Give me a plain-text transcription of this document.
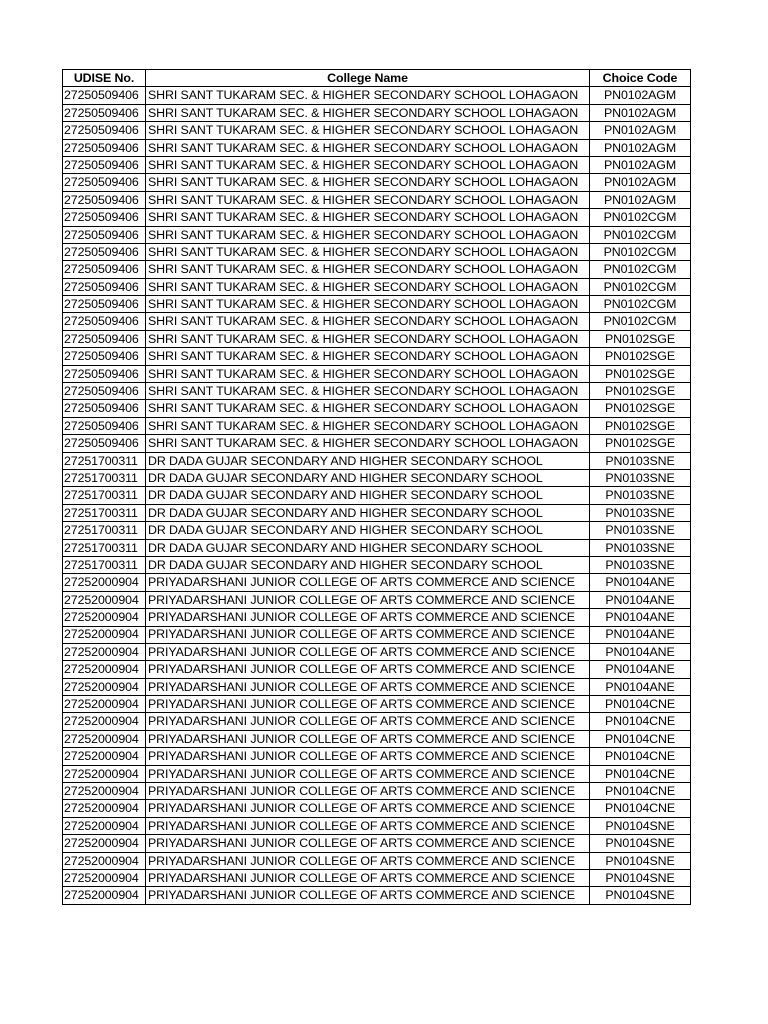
UDISE No.	College Name	Choice Code
27250509406	SHRI SANT TUKARAM SEC. & HIGHER SECONDARY SCHOOL LOHAGAON	PN0102AGM
27250509406	SHRI SANT TUKARAM SEC. & HIGHER SECONDARY SCHOOL LOHAGAON	PN0102AGM
27250509406	SHRI SANT TUKARAM SEC. & HIGHER SECONDARY SCHOOL LOHAGAON	PN0102AGM
27250509406	SHRI SANT TUKARAM SEC. & HIGHER SECONDARY SCHOOL LOHAGAON	PN0102AGM
27250509406	SHRI SANT TUKARAM SEC. & HIGHER SECONDARY SCHOOL LOHAGAON	PN0102AGM
27250509406	SHRI SANT TUKARAM SEC. & HIGHER SECONDARY SCHOOL LOHAGAON	PN0102AGM
27250509406	SHRI SANT TUKARAM SEC. & HIGHER SECONDARY SCHOOL LOHAGAON	PN0102AGM
27250509406	SHRI SANT TUKARAM SEC. & HIGHER SECONDARY SCHOOL LOHAGAON	PN0102CGM
27250509406	SHRI SANT TUKARAM SEC. & HIGHER SECONDARY SCHOOL LOHAGAON	PN0102CGM
27250509406	SHRI SANT TUKARAM SEC. & HIGHER SECONDARY SCHOOL LOHAGAON	PN0102CGM
27250509406	SHRI SANT TUKARAM SEC. & HIGHER SECONDARY SCHOOL LOHAGAON	PN0102CGM
27250509406	SHRI SANT TUKARAM SEC. & HIGHER SECONDARY SCHOOL LOHAGAON	PN0102CGM
27250509406	SHRI SANT TUKARAM SEC. & HIGHER SECONDARY SCHOOL LOHAGAON	PN0102CGM
27250509406	SHRI SANT TUKARAM SEC. & HIGHER SECONDARY SCHOOL LOHAGAON	PN0102CGM
27250509406	SHRI SANT TUKARAM SEC. & HIGHER SECONDARY SCHOOL LOHAGAON	PN0102SGE
27250509406	SHRI SANT TUKARAM SEC. & HIGHER SECONDARY SCHOOL LOHAGAON	PN0102SGE
27250509406	SHRI SANT TUKARAM SEC. & HIGHER SECONDARY SCHOOL LOHAGAON	PN0102SGE
27250509406	SHRI SANT TUKARAM SEC. & HIGHER SECONDARY SCHOOL LOHAGAON	PN0102SGE
27250509406	SHRI SANT TUKARAM SEC. & HIGHER SECONDARY SCHOOL LOHAGAON	PN0102SGE
27250509406	SHRI SANT TUKARAM SEC. & HIGHER SECONDARY SCHOOL LOHAGAON	PN0102SGE
27250509406	SHRI SANT TUKARAM SEC. & HIGHER SECONDARY SCHOOL LOHAGAON	PN0102SGE
27251700311	DR DADA GUJAR SECONDARY AND HIGHER SECONDARY SCHOOL	PN0103SNE
27251700311	DR DADA GUJAR SECONDARY AND HIGHER SECONDARY SCHOOL	PN0103SNE
27251700311	DR DADA GUJAR SECONDARY AND HIGHER SECONDARY SCHOOL	PN0103SNE
27251700311	DR DADA GUJAR SECONDARY AND HIGHER SECONDARY SCHOOL	PN0103SNE
27251700311	DR DADA GUJAR SECONDARY AND HIGHER SECONDARY SCHOOL	PN0103SNE
27251700311	DR DADA GUJAR SECONDARY AND HIGHER SECONDARY SCHOOL	PN0103SNE
27251700311	DR DADA GUJAR SECONDARY AND HIGHER SECONDARY SCHOOL	PN0103SNE
27252000904	PRIYADARSHANI JUNIOR COLLEGE OF ARTS COMMERCE AND SCIENCE	PN0104ANE
27252000904	PRIYADARSHANI JUNIOR COLLEGE OF ARTS COMMERCE AND SCIENCE	PN0104ANE
27252000904	PRIYADARSHANI JUNIOR COLLEGE OF ARTS COMMERCE AND SCIENCE	PN0104ANE
27252000904	PRIYADARSHANI JUNIOR COLLEGE OF ARTS COMMERCE AND SCIENCE	PN0104ANE
27252000904	PRIYADARSHANI JUNIOR COLLEGE OF ARTS COMMERCE AND SCIENCE	PN0104ANE
27252000904	PRIYADARSHANI JUNIOR COLLEGE OF ARTS COMMERCE AND SCIENCE	PN0104ANE
27252000904	PRIYADARSHANI JUNIOR COLLEGE OF ARTS COMMERCE AND SCIENCE	PN0104ANE
27252000904	PRIYADARSHANI JUNIOR COLLEGE OF ARTS COMMERCE AND SCIENCE	PN0104CNE
27252000904	PRIYADARSHANI JUNIOR COLLEGE OF ARTS COMMERCE AND SCIENCE	PN0104CNE
27252000904	PRIYADARSHANI JUNIOR COLLEGE OF ARTS COMMERCE AND SCIENCE	PN0104CNE
27252000904	PRIYADARSHANI JUNIOR COLLEGE OF ARTS COMMERCE AND SCIENCE	PN0104CNE
27252000904	PRIYADARSHANI JUNIOR COLLEGE OF ARTS COMMERCE AND SCIENCE	PN0104CNE
27252000904	PRIYADARSHANI JUNIOR COLLEGE OF ARTS COMMERCE AND SCIENCE	PN0104CNE
27252000904	PRIYADARSHANI JUNIOR COLLEGE OF ARTS COMMERCE AND SCIENCE	PN0104CNE
27252000904	PRIYADARSHANI JUNIOR COLLEGE OF ARTS COMMERCE AND SCIENCE	PN0104SNE
27252000904	PRIYADARSHANI JUNIOR COLLEGE OF ARTS COMMERCE AND SCIENCE	PN0104SNE
27252000904	PRIYADARSHANI JUNIOR COLLEGE OF ARTS COMMERCE AND SCIENCE	PN0104SNE
27252000904	PRIYADARSHANI JUNIOR COLLEGE OF ARTS COMMERCE AND SCIENCE	PN0104SNE
27252000904	PRIYADARSHANI JUNIOR COLLEGE OF ARTS COMMERCE AND SCIENCE	PN0104SNE
